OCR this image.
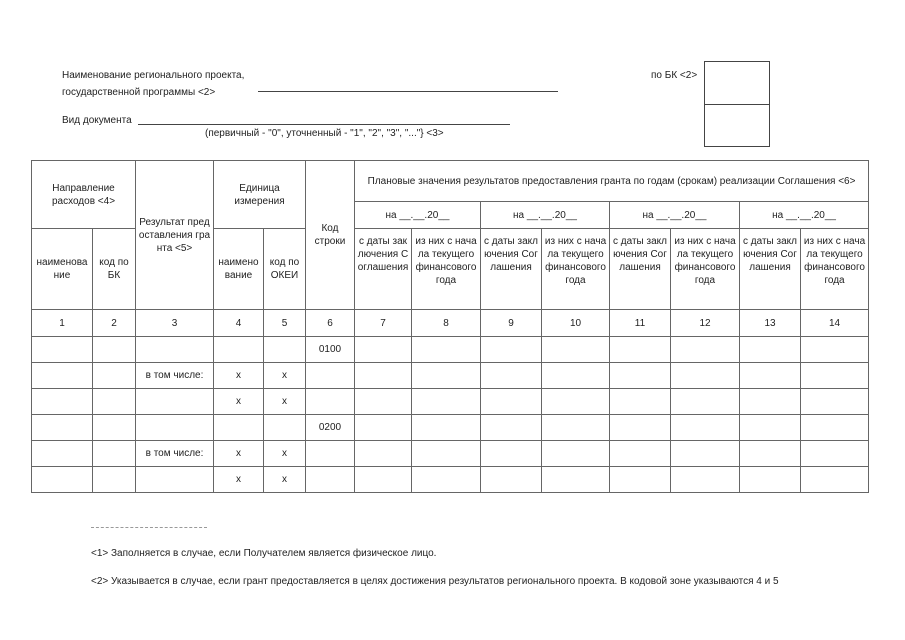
Наименование регионального проекта,
государственной программы <2>
по БК <2>
Вид документа
(первичный - "0", уточненный - "1", "2", "3", "..."} <3>
Направление расходов <4>		Результат предоставления гранта <5>	Единица измерения		Код строки	Плановые значения результатов предоставления гранта по годам (срокам) реализации Соглашения <6>							
						на __.__.20__		на __.__.20__		на __.__.20__		на __.__.20__	
наименование	код по БК		наименование	код по ОКЕИ		с даты заключения Соглашения	из них с начала текущего финансового года	с даты заключения Соглашения	из них с начала текущего финансового года	с даты заключения Соглашения	из них с начала текущего финансового года	с даты заключения Соглашения	из них с начала текущего финансового года
1	2	3	4	5	6	7	8	9	10	11	12	13	14
					0100								
		в том числе:	x	x									
			x	x									
					0200								
		в том числе:	x	x									
			x	x									
<1> Заполняется в случае, если Получателем является физическое лицо.
<2> Указывается в случае, если грант предоставляется в целях достижения результатов регионального проекта. В кодовой зоне указываются 4 и 5
